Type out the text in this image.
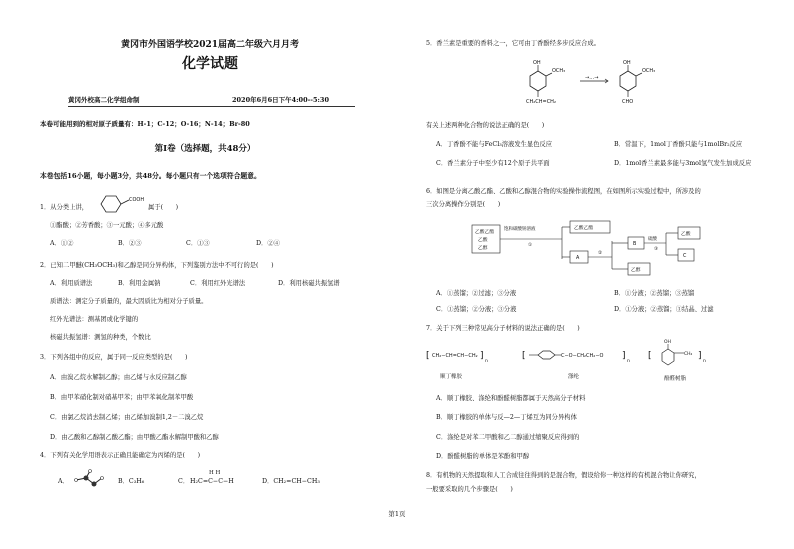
黄冈市外国语学校2021届高二年级六月月考
化学试题
黄冈外校高二化学组命制	2020年6月6日下午4:00--5:30
本卷可能用到的相对原子质量有：H-1；C-12；O-16；N-14；Br-80
第Ⅰ卷（选择题，共48分）
本卷包括16小题，每小题3分，共48分。每小题只有一个选项符合题意。
1．从分类上讲，
COOH
属于(　　)
①酯酸；②芳香酸；③一元酸；④多元酸
A．①②	B．②③	C．①③	D．②④
2．已知二甲醚(CH₃OCH₃)和乙醇是同分异构体，下列鉴别方法中不可行的是(　　)
A．利用质谱法	B．利用金属钠	C．利用红外光谱法	D．利用核磁共振氢谱
质谱法：测定分子质量的，最大因质比为相对分子质量。
红外光谱法：测基团或化学键的
核磁共振氢谱：测氢的种类，个数比
3．下列各组中的反应，属于同一反应类型的是(　　)
A．由溴乙烷水解制乙醇；由乙烯与水反应制乙醇
B．由甲苯硝化制对硝基甲苯；由甲苯氧化制苯甲酸
C．由氯乙烷消去制乙烯；由乙烯加溴制1,2－二溴乙烷
D．由乙酸和乙醇制乙酸乙酯；由甲酸乙酯水解制甲酸和乙醇
4．下列有关化学用语表示正确且能确定为丙烯的是(　　)
A．	B．C₃H₆	C．
H H
H₂C=C−C−H	D．CH₂=CH−CH₃
5．香兰素是重要的香料之一，它可由丁香酚经多步反应合成。
OH
OCH₃
CH₂CH=CH₂
→…→
OH
OCH₃
CHO
有关上述两种化合物的说法正确的是(　　)
A．丁香酚不能与FeCl₃溶液发生显色反应	B．常温下，1mol丁香酚只能与1molBr₂反应
C．香兰素分子中至少有12个原子共平面	D．1mol香兰素最多能与3mol氢气发生加成反应
6．如图是分离乙酸乙酯、乙酸和乙醇混合物的实验操作流程图，在如图所示实验过程中，所涉及的
三次分离操作分别是(　　)
乙酸乙酯
乙酸
乙醇
饱和碳酸钠溶液
①
乙酸乙酯
A
②
B
乙醇
硫酸
③
乙酸
C
A．①蒸馏；②过滤；③分液	B．①分液；②蒸馏；③蒸馏
C．①蒸馏；②分液；③分液	D．①分液；②蒸馏；③结晶、过滤
7．关于下列三种常见高分子材料的说法正确的是(　　)
[ CH₂−CH=CH−CH₂ ]
n
顺丁橡胶
[	C−O−CH₂CH₂−O ]
n
涤纶
[
OH
CH₂ ]
n
酚醛树脂
A．顺丁橡胶、涤纶和酚醛树脂都属于天然高分子材料
B．顺丁橡胶的单体与反—2—丁烯互为同分异构体
C．涤纶是对苯二甲酸和乙二醇通过缩聚反应得到的
D．酚醛树脂的单体是苯酚和甲醇
8．有机物的天然提取和人工合成往往得到的是混合物，假设给你一种这样的有机混合物让你研究，
一般要采取的几个步骤是(　　)
第1页
